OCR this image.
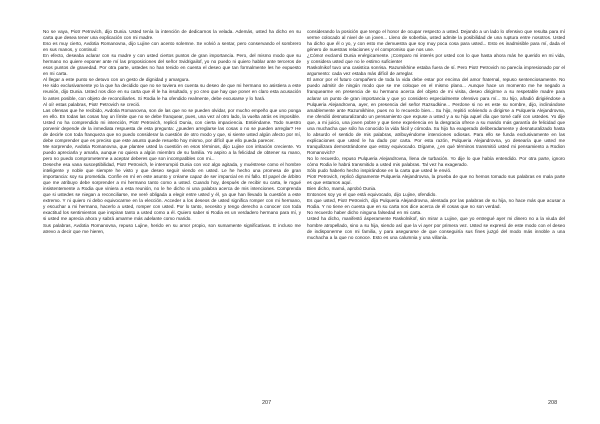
No se vaya, Piotr Petrovich, dijo Dunia. Usted tenía la intención de dedicarnos la velada. Además, usted ha dicho en su carta que desea tener una explicación con mi madre.

Eso es muy cierto, Avdotia Romanovna, dijo Lujine con acento solemne. Se volvió a sentar, pero conservando el sombrero en sus manos, y continuó:

En efecto, deseaba aclarar con su madre y con usted ciertos puntos de gran importancia. Pero, del mismo modo que su hermano no quiere exponer ante mí las proposiciones del señor Svidrigailof, yo no puedo ni quiero hablar ante terceros de esos puntos de gravedad. Por otra parte, ustedes no han tenido en cuenta el deseo que tan formalmente les he expuesto en mi carta.

Al llegar a este punto se detuvo con un gesto de dignidad y amargura.

He sido exclusivamente yo la que ha decidido que no se tuviera en cuenta su deseo de que mi hermano no asistiera a este reunión, dijo Dunia. Usted nos dice en su carta que él le ha insultado, y yo creo que hay que poner en claro esta acusación lo antes posible, con objeto de reconciliarles. Si Rodia le ha ofendido realmente, debe excusarse y lo hará.

Al oír estas palabras, Piotr Petrovich se creció.

Las ofensas que he recibido, Avdotia Romanovna, son de las que no se pueden olvidar, por mucho empeño que uno ponga en ello. En todas las cosas hay un límite que no se debe franquear, pues, una vez al otro lado, la vuelta atrás es imposible.

Usted no ha comprendido mi intención, Piotr Petrovich, replicó Dunia, con cierta impaciencia. Entiéndame. Todo nuestro porvenir depende de la inmediata respuesta de esta pregunta: ¿pueden arreglarse las cosas o no se pueden arreglar? He de decirle con toda franqueza que no puedo considerar la cuestión de otro modo y que, si siente usted algún afecto por mí, debe comprender que es preciso que este asunto quede resuelto hoy mismo, por difícil que ello pueda parecer.

Me sorprende, Avdotia Romanovna, que plantee usted la cuestión en esos términos, dijo Lujine con irritación creciente. Yo puedo apreciarla y amarla, aunque no quiera a algún miembro de su familia. Yo aspiro a la felicidad de obtener su mano, pero no puedo comprometerme a aceptar deberes que son incompatibles con mi...

Deseche esa vana susceptibilidad, Piotr Petrovich, le interrumpió Dunia con voz algo agitada, y muéstrese como el hombre inteligente y noble que siempre he visto y que deseo seguir viendo en usted. Le he hecho una promesa de gran importancia: soy su prometida. Confíe en mí en este asunto y créame capaz de ser imparcial en mi fallo. El papel de árbitro que me atribuyo debe sorprender a mi hermano tanto como a usted. Cuando hoy, después de recibir su carta, le rogué insistentemente a Rodia que viniera a esta reunión, no le he dicho ni una palabra acerca de mis intenciones. Comprenda que si ustedes se niegan a reconciliarse, me veré obligada a elegir entre usted y él, ya que han llevado la cuestión a este extremo. Y ni quiero ni debo equivocarme en la elección. Acceder a los deseos de usted significa romper con mi hermano, y escuchar a mi hermano, hacerlo a usted, romper con usted. Por lo tanto, necesito y tengo derecho a conocer con toda exactitud los sentimientos que inspiran tanto a usted como a él. Quiero saber si Rodia es un verdadero hermano para mí, y si usted me aprecia ahora y sabrá amarme más adelante como marido.

Sus palabras, Avdotia Romanovna, repuso Lujine, herido en su amor propio, son sumamente significativas. E incluso me atrevo a decir que me hieren,

considerando la posición que tengo el honor de ocupar respecto a usted. Dejando a un lado lo ofensivo que resulta para mí verme colocado al nivel de un joven... Lleno de soberbia, usted admite la posibilidad de una ruptura entre nosotros. Usted ha dicho que él o yo, y con esto me demuestra que soy muy poca cosa para usted... Esto es inadmisible para mí, dada el género de nuestras relaciones y el compromiso que nos une.

¿Cómo! exclamó Dunia enérgicamente. ¡Comparo mi interés por usted con lo que hasta ahora más he querido en mi vida, y considera usted que no le estimo suficiente!

Raskolnikof tuvo una casistica sonrisa. Razumikhine estaba fuera de sí. Pero Piotr Petrovich no parecía impresionado por el argumento: cada vez estaba más difícil de arreglar.

El amor por el futuro compañero de toda la vida debe estar por encima del amor fraternal, repuso sentenciosamente. No puedo admitir de ningún modo que se me coloque en el mismo plano... Aunque hace un momento me he negado a franquearme en presencia de su hermano acerca del objeto de mi visita, deseo dirigirme a su respetable madre para aclarar un punto de gran importancia y que yo considero especialmente ofensivo para mí... Su hijo, añadió dirigiéndose a Pulqueria Alejandrovna, ayer, en presencia del señor Razsudkine... Perdone si no es este su nombre, dijo, inclinándose amablemente ante Razumikhine, pues no lo recuerdo bien... Su hijo, repitió volviendo a dirigirse a Pulqueria Alejandrovna, me ofendió desnaturalizando un pensamiento que expuse a usted y a su hija aquel día que tomé café con ustedes. Yo dije que, a mi juicio, una joven pobre y que tiene experiencia en la desgracia ofrece a su marido más garantía de felicidad que una muchacha que sólo ha conocido la vida fácil y cómoda. Su hijo ha exagerado deliberadamente y desnaturalizado hasta lo absurdo el sentido de mis palabras, atribuyéndome intenciones odiosas. Para ello se funda exclusivamente en las explicaciones que usted le ha dado por carta. Por esta razón, Pulqueria Alejandrovna, yo desearía que usted me tranquilizara demostrándome que estoy equivocado. Dígame, ¿en qué términos transmitió usted mi pensamiento a Rodion Romanovich?

No lo recuerdo, repuso Pulqueria Alejandrovna, llena de turbación. Yo dije lo que había entendido. Por otra parte, ignoro cómo Rodia le habrá transmitido a usted mis palabras. Tal vez ha exagerado.

Sólo pudo haberlo hecho inspirándose en la carta que usted le envió.

Piotr Petrovich, replicó dignamente Pulqueria Alejandrovna, la prueba de que no hemos tomado sus palabras en mala parte es que estamos aquí.

Bien dicho, mamá, aprobó Dunia.

Entonces soy yo el que está equivocado, dijo Lujine, ofendido.

Es que usted, Piotr Petrovich, dijo Pulqueria Alejandrovna, alentada por las palabras de su hija, no hace más que acusar a Rodia. Y no tiene en cuenta que en su carta nos dice acerca de él cosas que no son verdad.

No recuerdo haber dicho ninguna falsedad en mi carta.

Usted ha dicho, manifestó ásperamente Raskolnikof, sin mirar a Lujine, que yo entregué ayer mi dinero no a la viuda del hombre atropellado, sino a su hija, siendo así que la vi ayer por primera vez. Usted se expresó de este modo con el deseo de indisponerme con mi familia, y para asegurarse de que conseguiría sus fines juzgó del modo más innoble a una muchacha a la que no conoce. Esto es una calumnia y una villanía.

207	208
